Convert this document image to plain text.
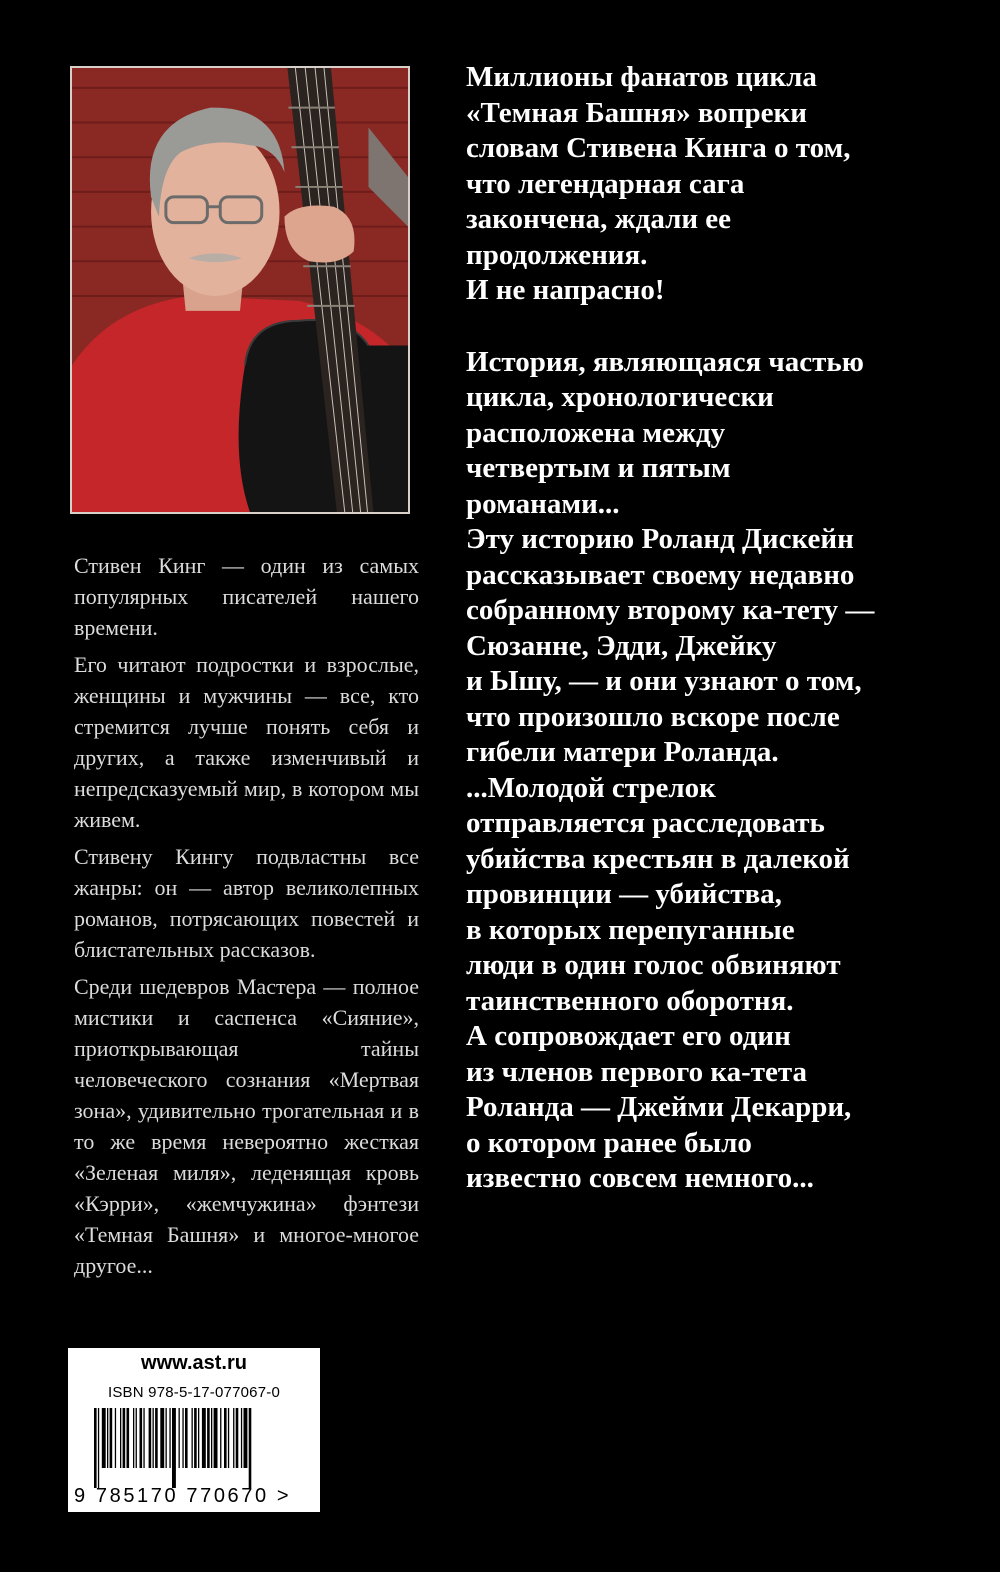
Стивен Кинг — один из самых популярных писателей нашего времени.

Его читают подростки и взрослые, женщины и мужчины — все, кто стремится лучше понять себя и других, а также изменчивый и непредсказуемый мир, в котором мы живем.

Стивену Кингу подвластны все жанры: он — автор великолепных романов, потрясающих повестей и блистательных рассказов.

Среди шедевров Мастера — полное мистики и саспенса «Сияние», приоткрывающая тайны человеческого сознания «Мертвая зона», удивительно трогательная и в то же время невероятно жесткая «Зеленая миля», леденящая кровь «Кэрри», «жемчужина» фэнтези «Темная Башня» и многое-многое другое...

Миллионы фанатов цикла

«Темная Башня» вопреки

словам Стивена Кинга о том,

что легендарная сага

закончена, ждали ее

продолжения.

И не напрасно!

История, являющаяся частью

цикла, хронологически

расположена между

четвертым и пятым

романами...

Эту историю Роланд Дискейн

рассказывает своему недавно

собранному второму ка-тету —

Сюзанне, Эдди, Джейку

и Ышу, — и они узнают о том,

что произошло вскоре после

гибели матери Роланда.

...Молодой стрелок

отправляется расследовать

убийства крестьян в далекой

провинции — убийства,

в которых перепуганные

люди в один голос обвиняют

таинственного оборотня.

А сопровождает его один

из членов первого ка-тета

Роланда — Джейми Декарри,

о котором ранее было

известно совсем немного...

www.ast.ru
ISBN 978-5-17-077067-0
9 785170 770670 >
